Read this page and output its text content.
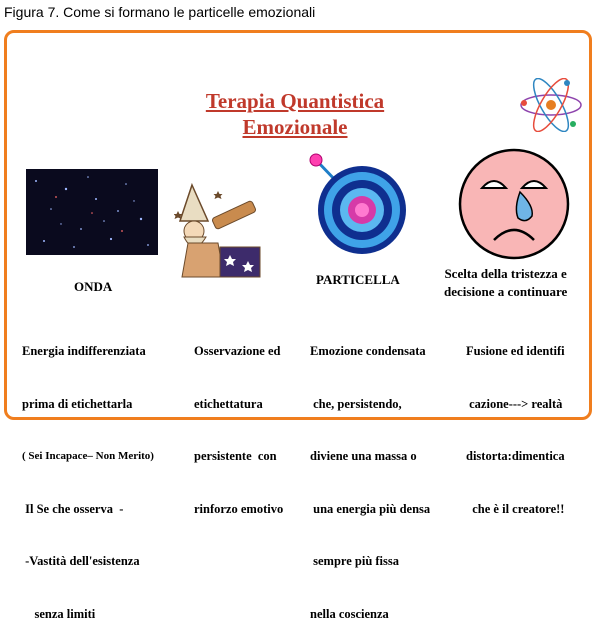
Figura 7. Come si formano le particelle emozionali
Terapia Quantistica
Emozionale
ONDA	PARTICELLA	Scelta della tristezza e
decisione a continuare

Energia indifferenziata

prima di etichettarla

( Sei Incapace– Non Merito)

Il Se che osserva  -

-Vastità dell'esistenza

senza limiti

Osservazione ed

etichettatura

persistente  con

rinforzo emotivo

Emozione condensata

che, persistendo,

diviene una massa o

una energia più densa

sempre più fissa

nella coscienza

Fusione ed identifi

cazione---> realtà

distorta:dimentica

che è il creatore!!
